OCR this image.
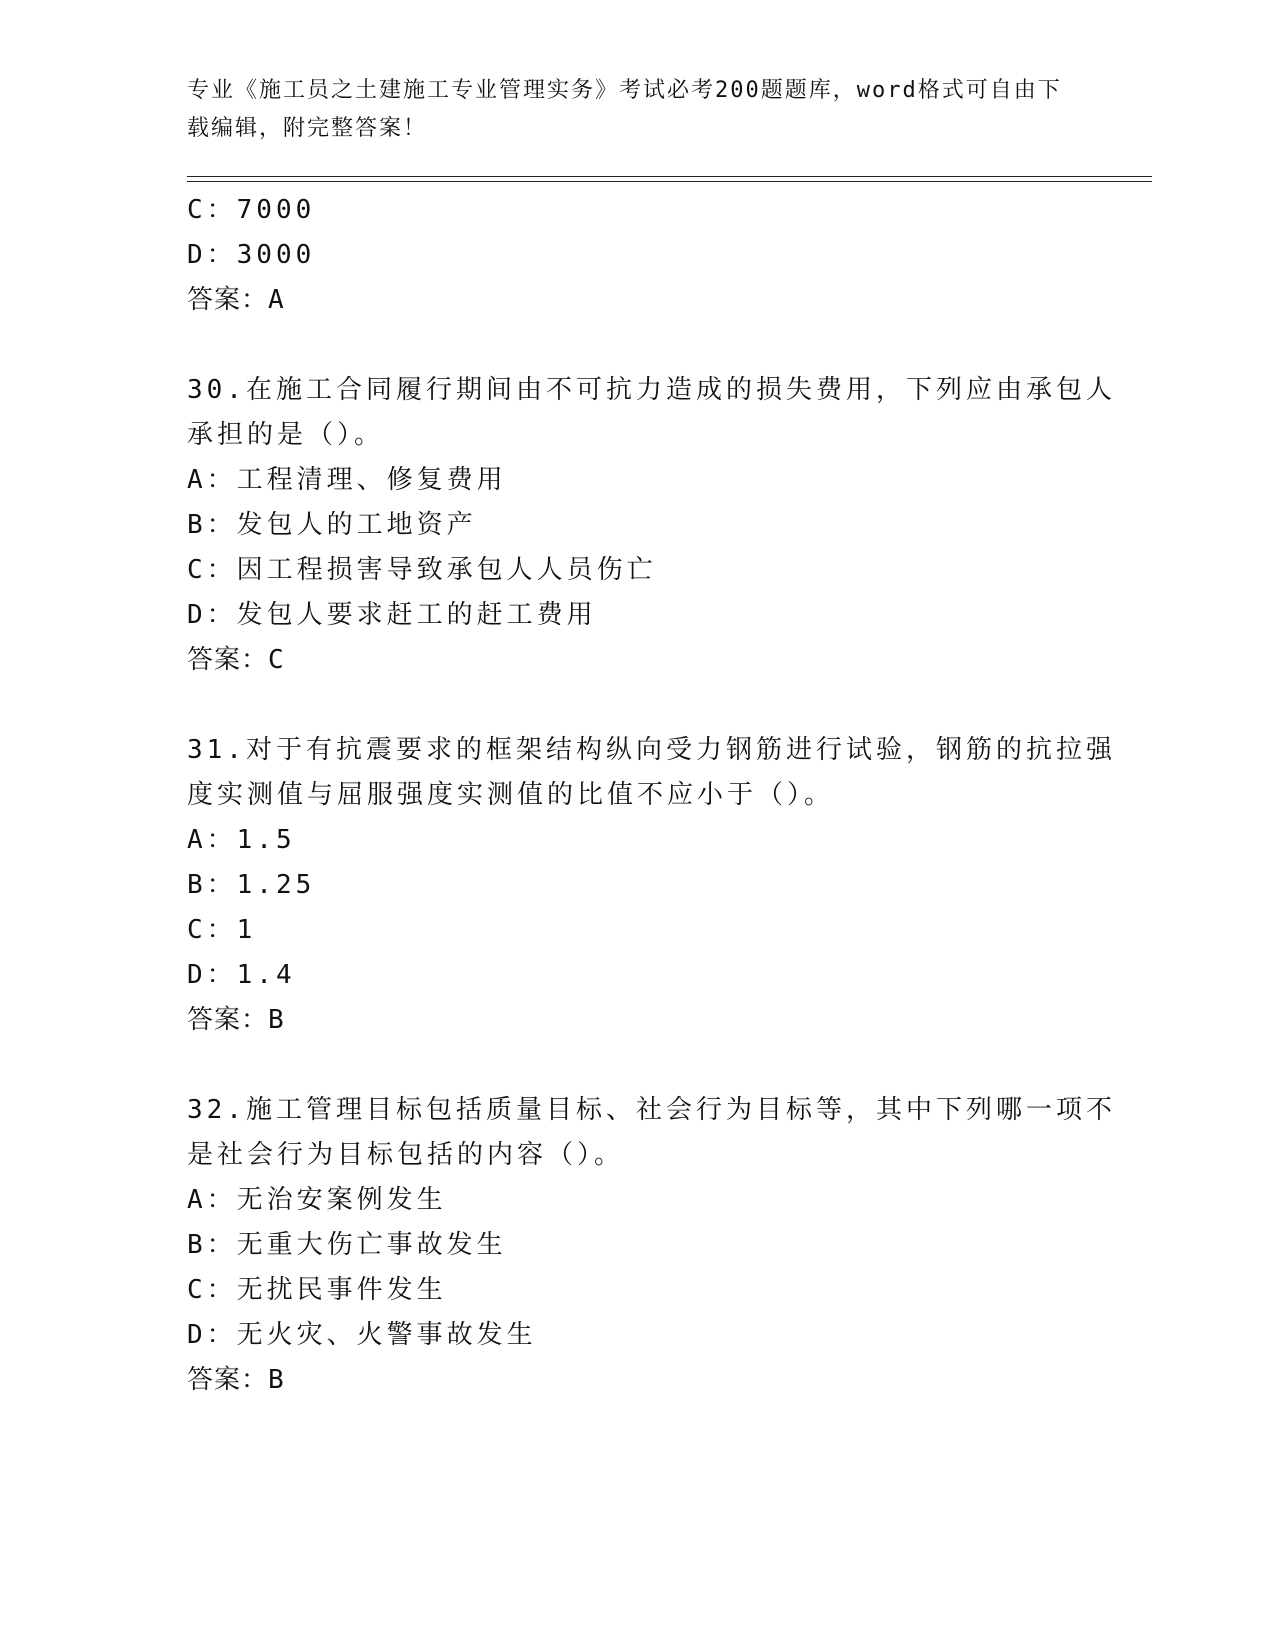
专业《施工员之土建施工专业管理实务》考试必考200题题库，word格式可自由下载编辑，附完整答案！
C：7000
D：3000
答案：A
30.在施工合同履行期间由不可抗力造成的损失费用，下列应由承包人
承担的是（）。
A：工程清理、修复费用
B：发包人的工地资产
C：因工程损害导致承包人人员伤亡
D：发包人要求赶工的赶工费用
答案：C
31.对于有抗震要求的框架结构纵向受力钢筋进行试验，钢筋的抗拉强
度实测值与屈服强度实测值的比值不应小于（）。
A：1.5
B：1.25
C：1
D：1.4
答案：B
32.施工管理目标包括质量目标、社会行为目标等，其中下列哪一项不
是社会行为目标包括的内容（）。
A：无治安案例发生
B：无重大伤亡事故发生
C：无扰民事件发生
D：无火灾、火警事故发生
答案：B
